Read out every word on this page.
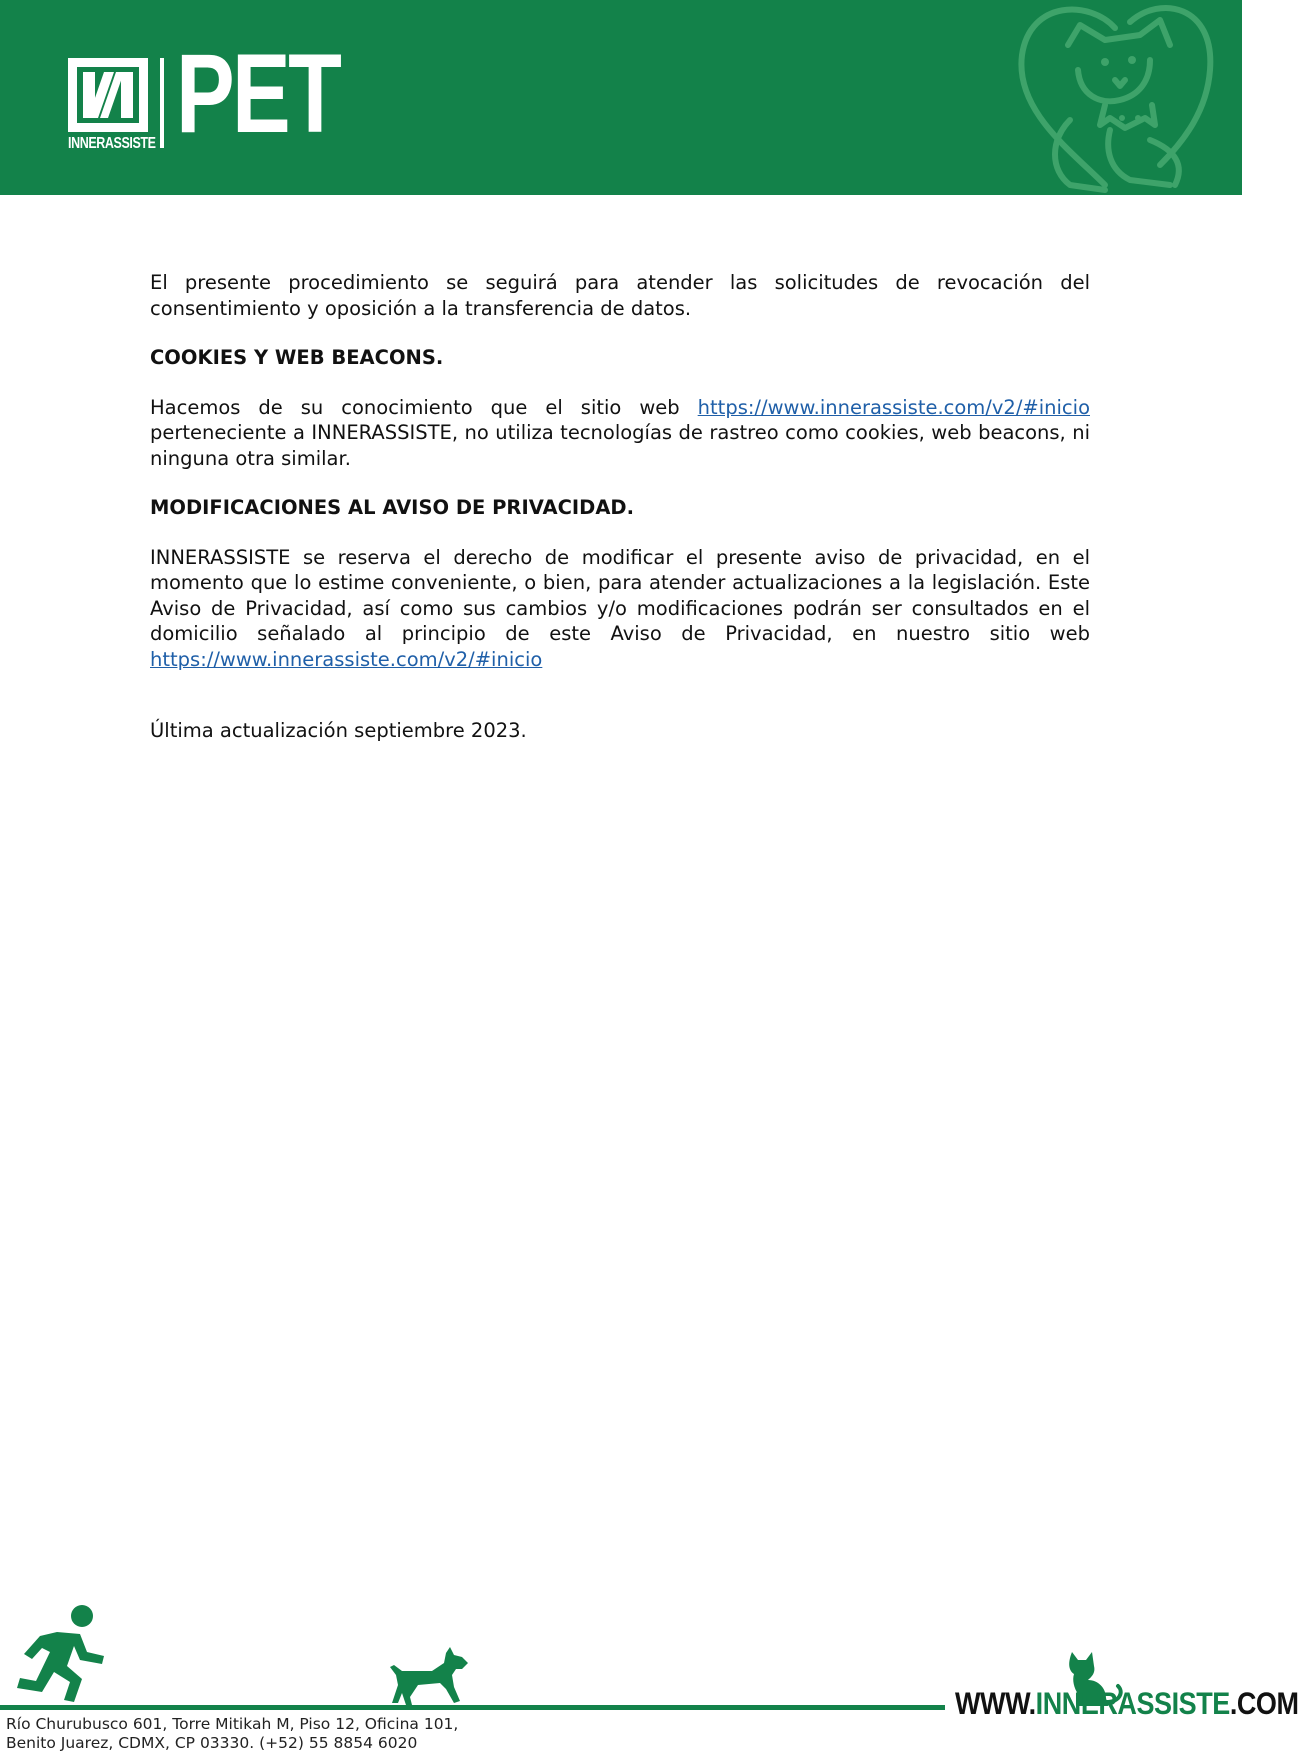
INNERASSISTE PET

El presente procedimiento se seguirá para atender las solicitudes de revocación del consentimiento y oposición a la transferencia de datos.

COOKIES Y WEB BEACONS.

Hacemos de su conocimiento que el sitio web https://www.innerassiste.com/v2/#inicio perteneciente a INNERASSISTE, no utiliza tecnologías de rastreo como cookies, web beacons, ni ninguna otra similar.

MODIFICACIONES AL AVISO DE PRIVACIDAD.

INNERASSISTE se reserva el derecho de modificar el presente aviso de privacidad, en el momento que lo estime conveniente, o bien, para atender actualizaciones a la legislación. Este Aviso de Privacidad, así como sus cambios y/o modificaciones podrán ser consultados en el domicilio señalado al principio de este Aviso de Privacidad, en nuestro sitio web https://www.innerassiste.com/v2/#inicio

Última actualización septiembre 2023.

WWW.INNERASSISTE.COM
Río Churubusco 601, Torre Mitikah M, Piso 12, Oficina 101,
Benito Juarez, CDMX, CP 03330. (+52) 55 8854 6020
